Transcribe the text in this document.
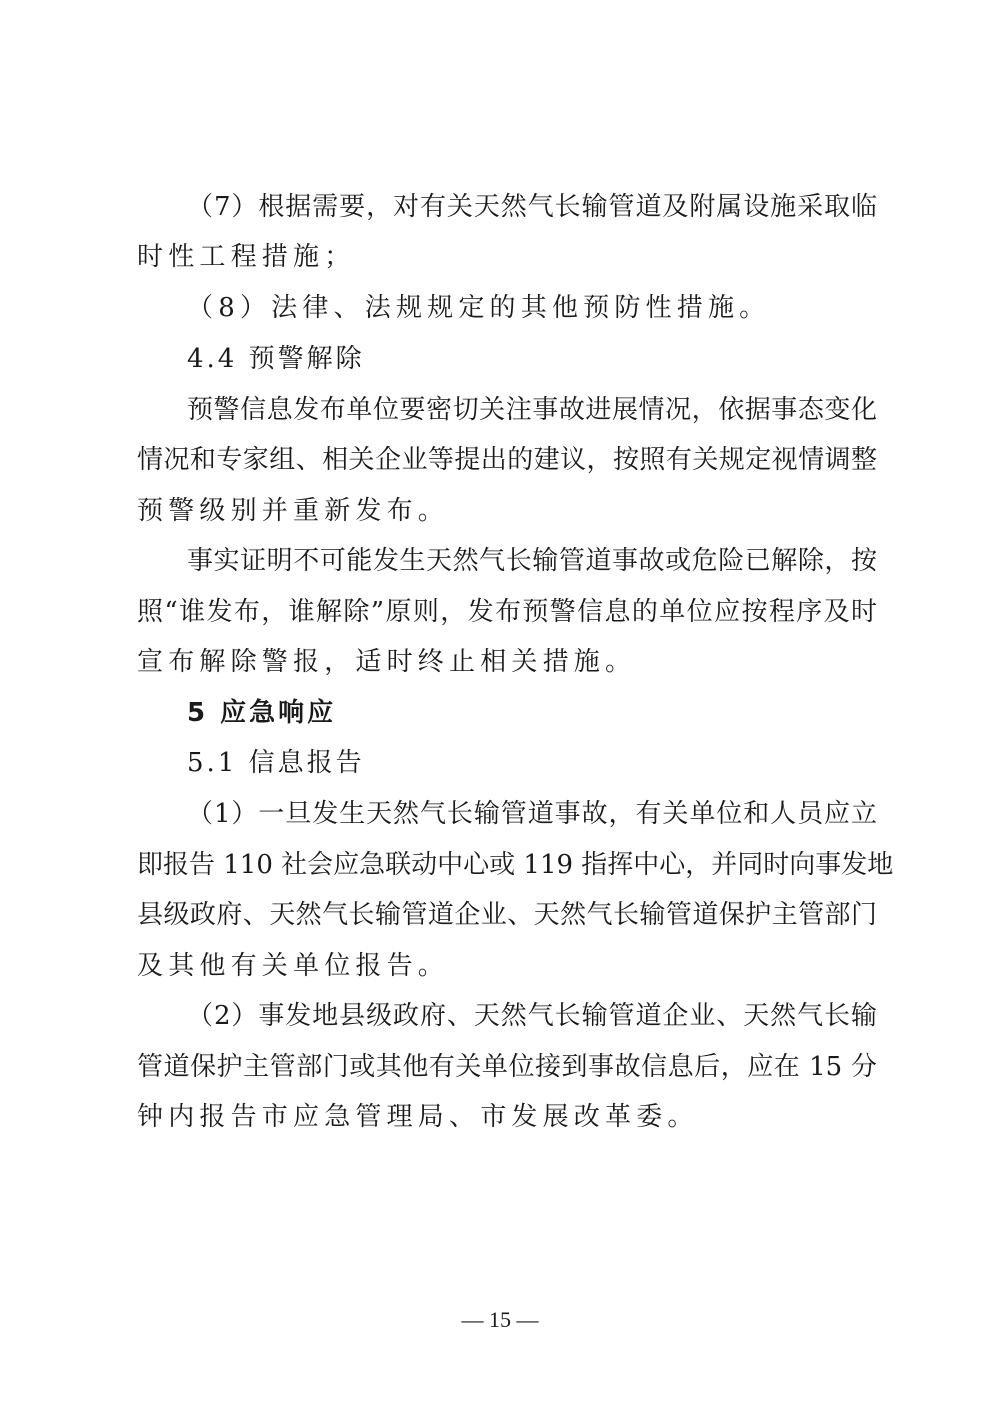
（7）根据需要，对有关天然气长输管道及附属设施采取临
时性工程措施；
（8）法律、法规规定的其他预防性措施。
4.4 预警解除
预警信息发布单位要密切关注事故进展情况，依据事态变化
情况和专家组、相关企业等提出的建议，按照有关规定视情调整
预警级别并重新发布。
事实证明不可能发生天然气长输管道事故或危险已解除，按
照“谁发布，谁解除”原则，发布预警信息的单位应按程序及时
宣布解除警报，适时终止相关措施。
5 应急响应
5.1 信息报告
（1）一旦发生天然气长输管道事故，有关单位和人员应立
即报告 110 社会应急联动中心或 119 指挥中心，并同时向事发地
县级政府、天然气长输管道企业、天然气长输管道保护主管部门
及其他有关单位报告。
（2）事发地县级政府、天然气长输管道企业、天然气长输
管道保护主管部门或其他有关单位接到事故信息后，应在 15 分
钟内报告市应急管理局、市发展改革委。
— 15 —
